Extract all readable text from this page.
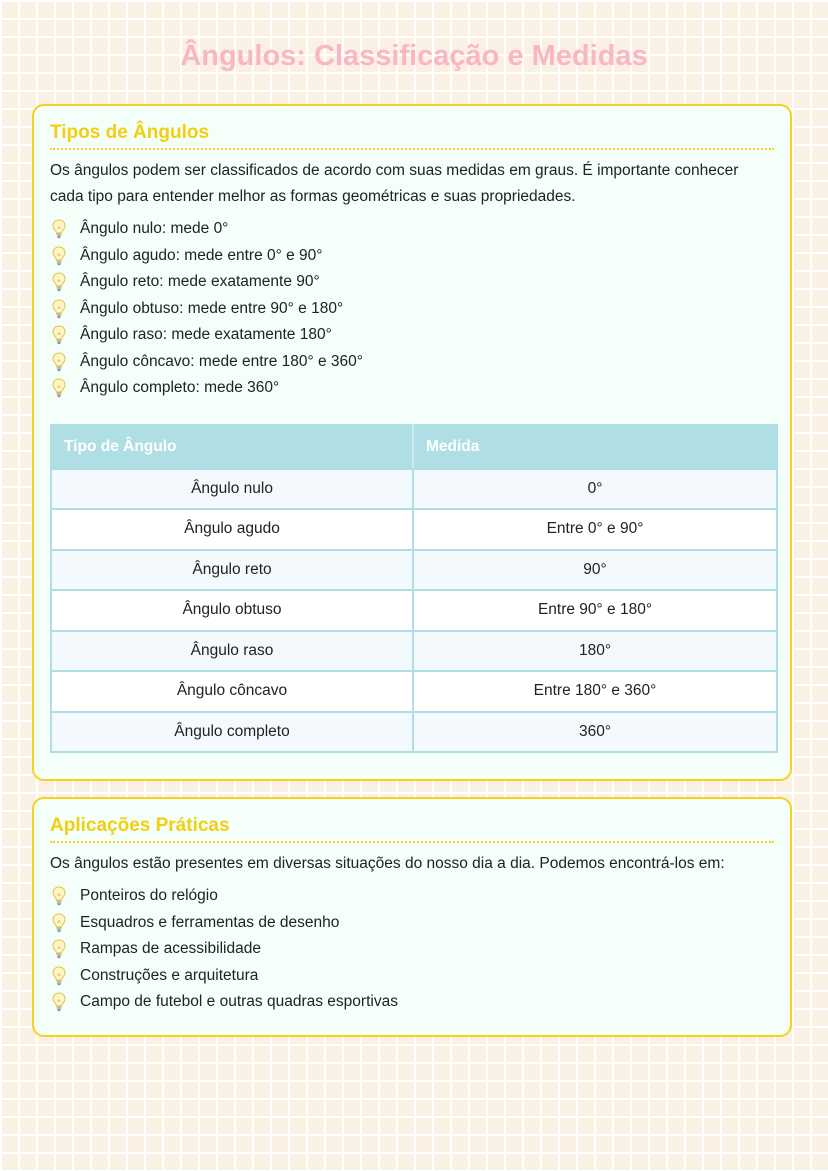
Ângulos: Classificação e Medidas
Tipos de Ângulos

Os ângulos podem ser classificados de acordo com suas medidas em graus. É importante conhecer cada tipo para entender melhor as formas geométricas e suas propriedades.

Ângulo nulo: mede 0°
Ângulo agudo: mede entre 0° e 90°
Ângulo reto: mede exatamente 90°
Ângulo obtuso: mede entre 90° e 180°
Ângulo raso: mede exatamente 180°
Ângulo côncavo: mede entre 180° e 360°
Ângulo completo: mede 360°
Tipo de Ângulo	Medida
Ângulo nulo	0°
Ângulo agudo	Entre 0° e 90°
Ângulo reto	90°
Ângulo obtuso	Entre 90° e 180°
Ângulo raso	180°
Ângulo côncavo	Entre 180° e 360°
Ângulo completo	360°
Aplicações Práticas

Os ângulos estão presentes em diversas situações do nosso dia a dia. Podemos encontrá-los em:

Ponteiros do relógio
Esquadros e ferramentas de desenho
Rampas de acessibilidade
Construções e arquitetura
Campo de futebol e outras quadras esportivas
